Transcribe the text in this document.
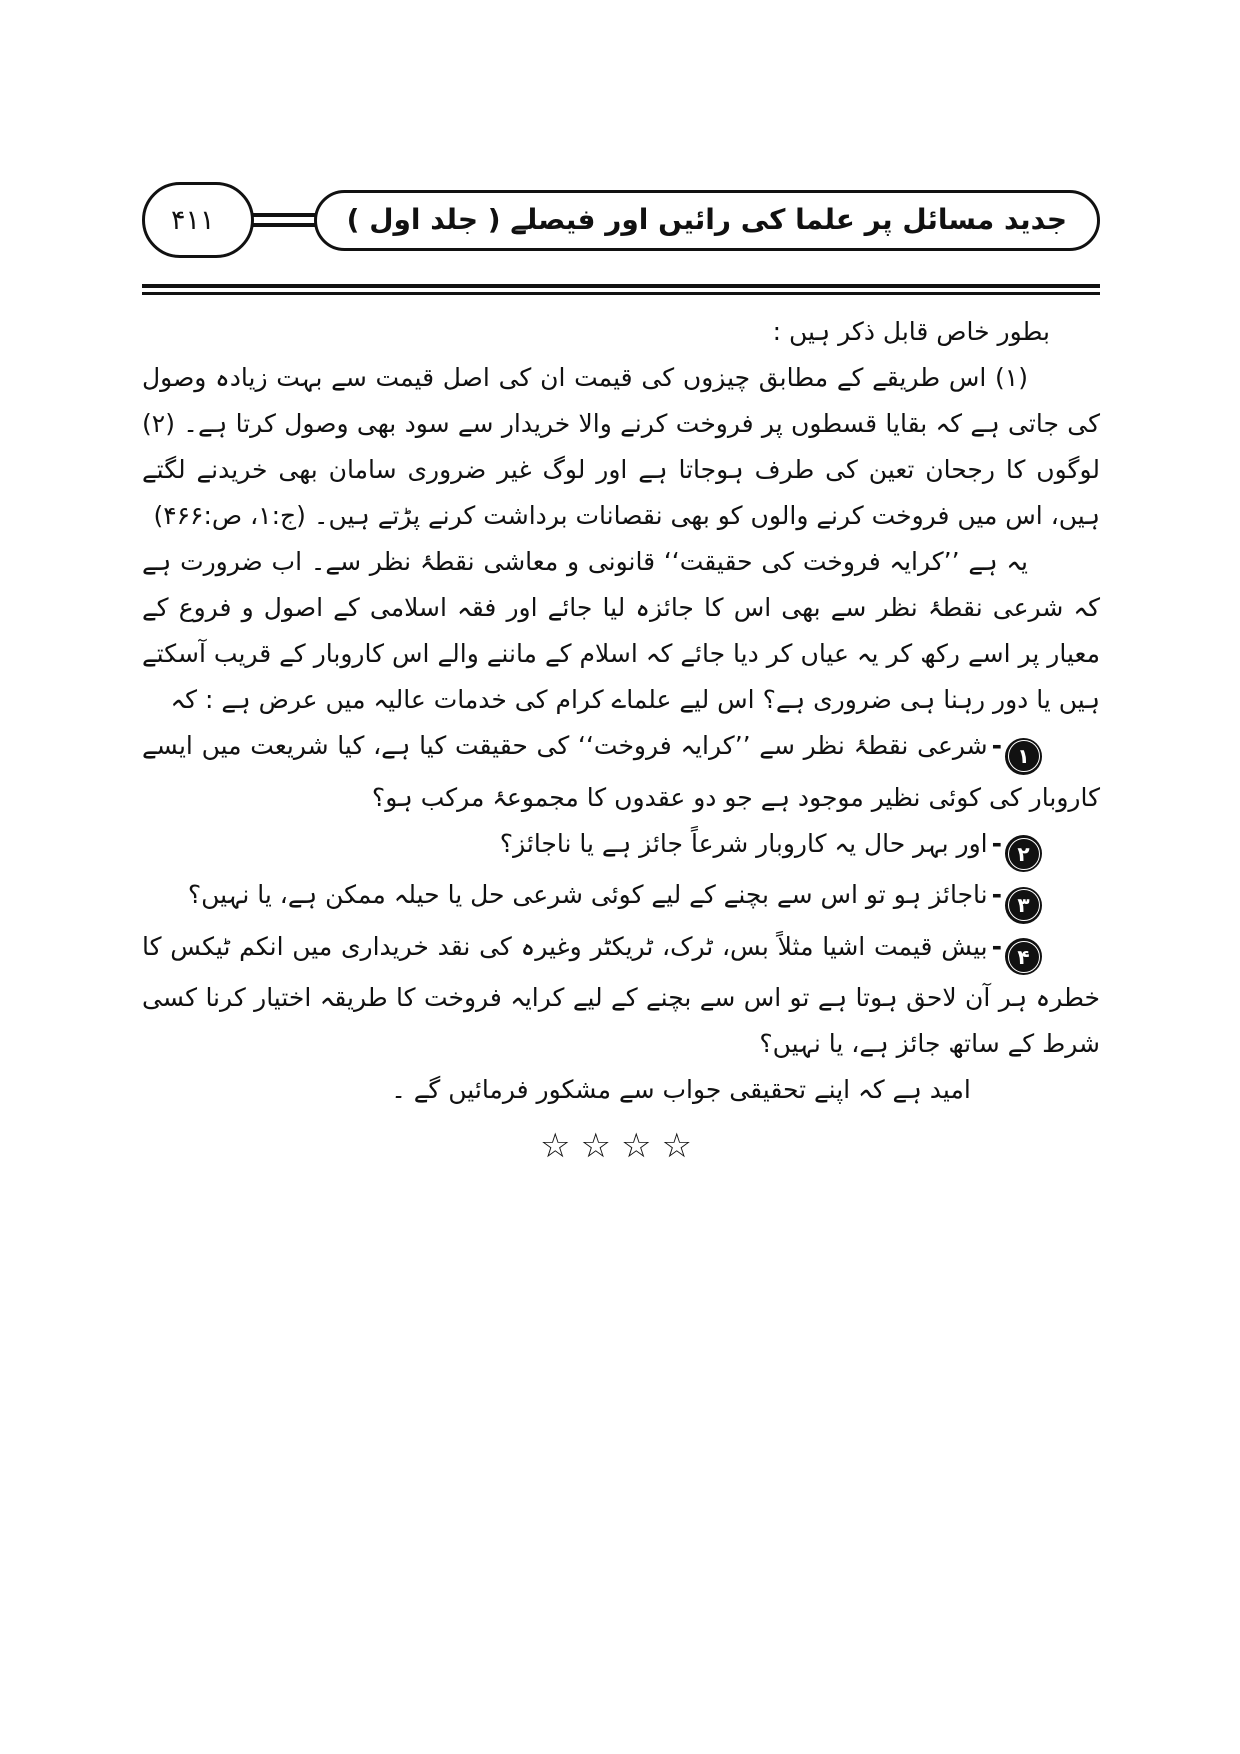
جدید مسائل پر علما کی رائیں اور فیصلے ( جلد اول )
۴۱۱

بطور خاص قابل ذکر ہیں :

(۱) اس طریقے کے مطابق چیزوں کی قیمت ان کی اصل قیمت سے بہت زیادہ وصول کی جاتی ہے کہ بقایا قسطوں پر فروخت کرنے والا خریدار سے سود بھی وصول کرتا ہے۔ (۲) لوگوں کا رجحان تعین کی طرف ہوجاتا ہے اور لوگ غیر ضروری سامان بھی خریدنے لگتے ہیں، اس میں فروخت کرنے والوں کو بھی نقصانات برداشت کرنے پڑتے ہیں۔ (ج:۱، ص:۴۶۶)

یہ ہے ’’کرایہ فروخت کی حقیقت‘‘ قانونی و معاشی نقطۂ نظر سے۔ اب ضرورت ہے کہ شرعی نقطۂ نظر سے بھی اس کا جائزہ لیا جائے اور فقہ اسلامی کے اصول و فروع کے معیار پر اسے رکھ کر یہ عیاں کر دیا جائے کہ اسلام کے ماننے والے اس کاروبار کے قریب آسکتے ہیں یا دور رہنا ہی ضروری ہے؟ اس لیے علماے کرام کی خدمات عالیہ میں عرض ہے : کہ

۱
-شرعی نقطۂ نظر سے ’’کرایہ فروخت‘‘ کی حقیقت کیا ہے، کیا شریعت میں ایسے کاروبار کی کوئی نظیر موجود ہے جو دو عقدوں کا مجموعۂ مرکب ہو؟

۲
-اور بہر حال یہ کاروبار شرعاً جائز ہے یا ناجائز؟

۳
-ناجائز ہو تو اس سے بچنے کے لیے کوئی شرعی حل یا حیلہ ممکن ہے، یا نہیں؟

۴
-بیش قیمت اشیا مثلاً بس، ٹرک، ٹریکٹر وغیرہ کی نقد خریداری میں انکم ٹیکس کا خطرہ ہر آن لاحق ہوتا ہے تو اس سے بچنے کے لیے کرایہ فروخت کا طریقہ اختیار کرنا کسی شرط کے ساتھ جائز ہے، یا نہیں؟

امید ہے کہ اپنے تحقیقی جواب سے مشکور فرمائیں گے ۔

☆☆☆☆
